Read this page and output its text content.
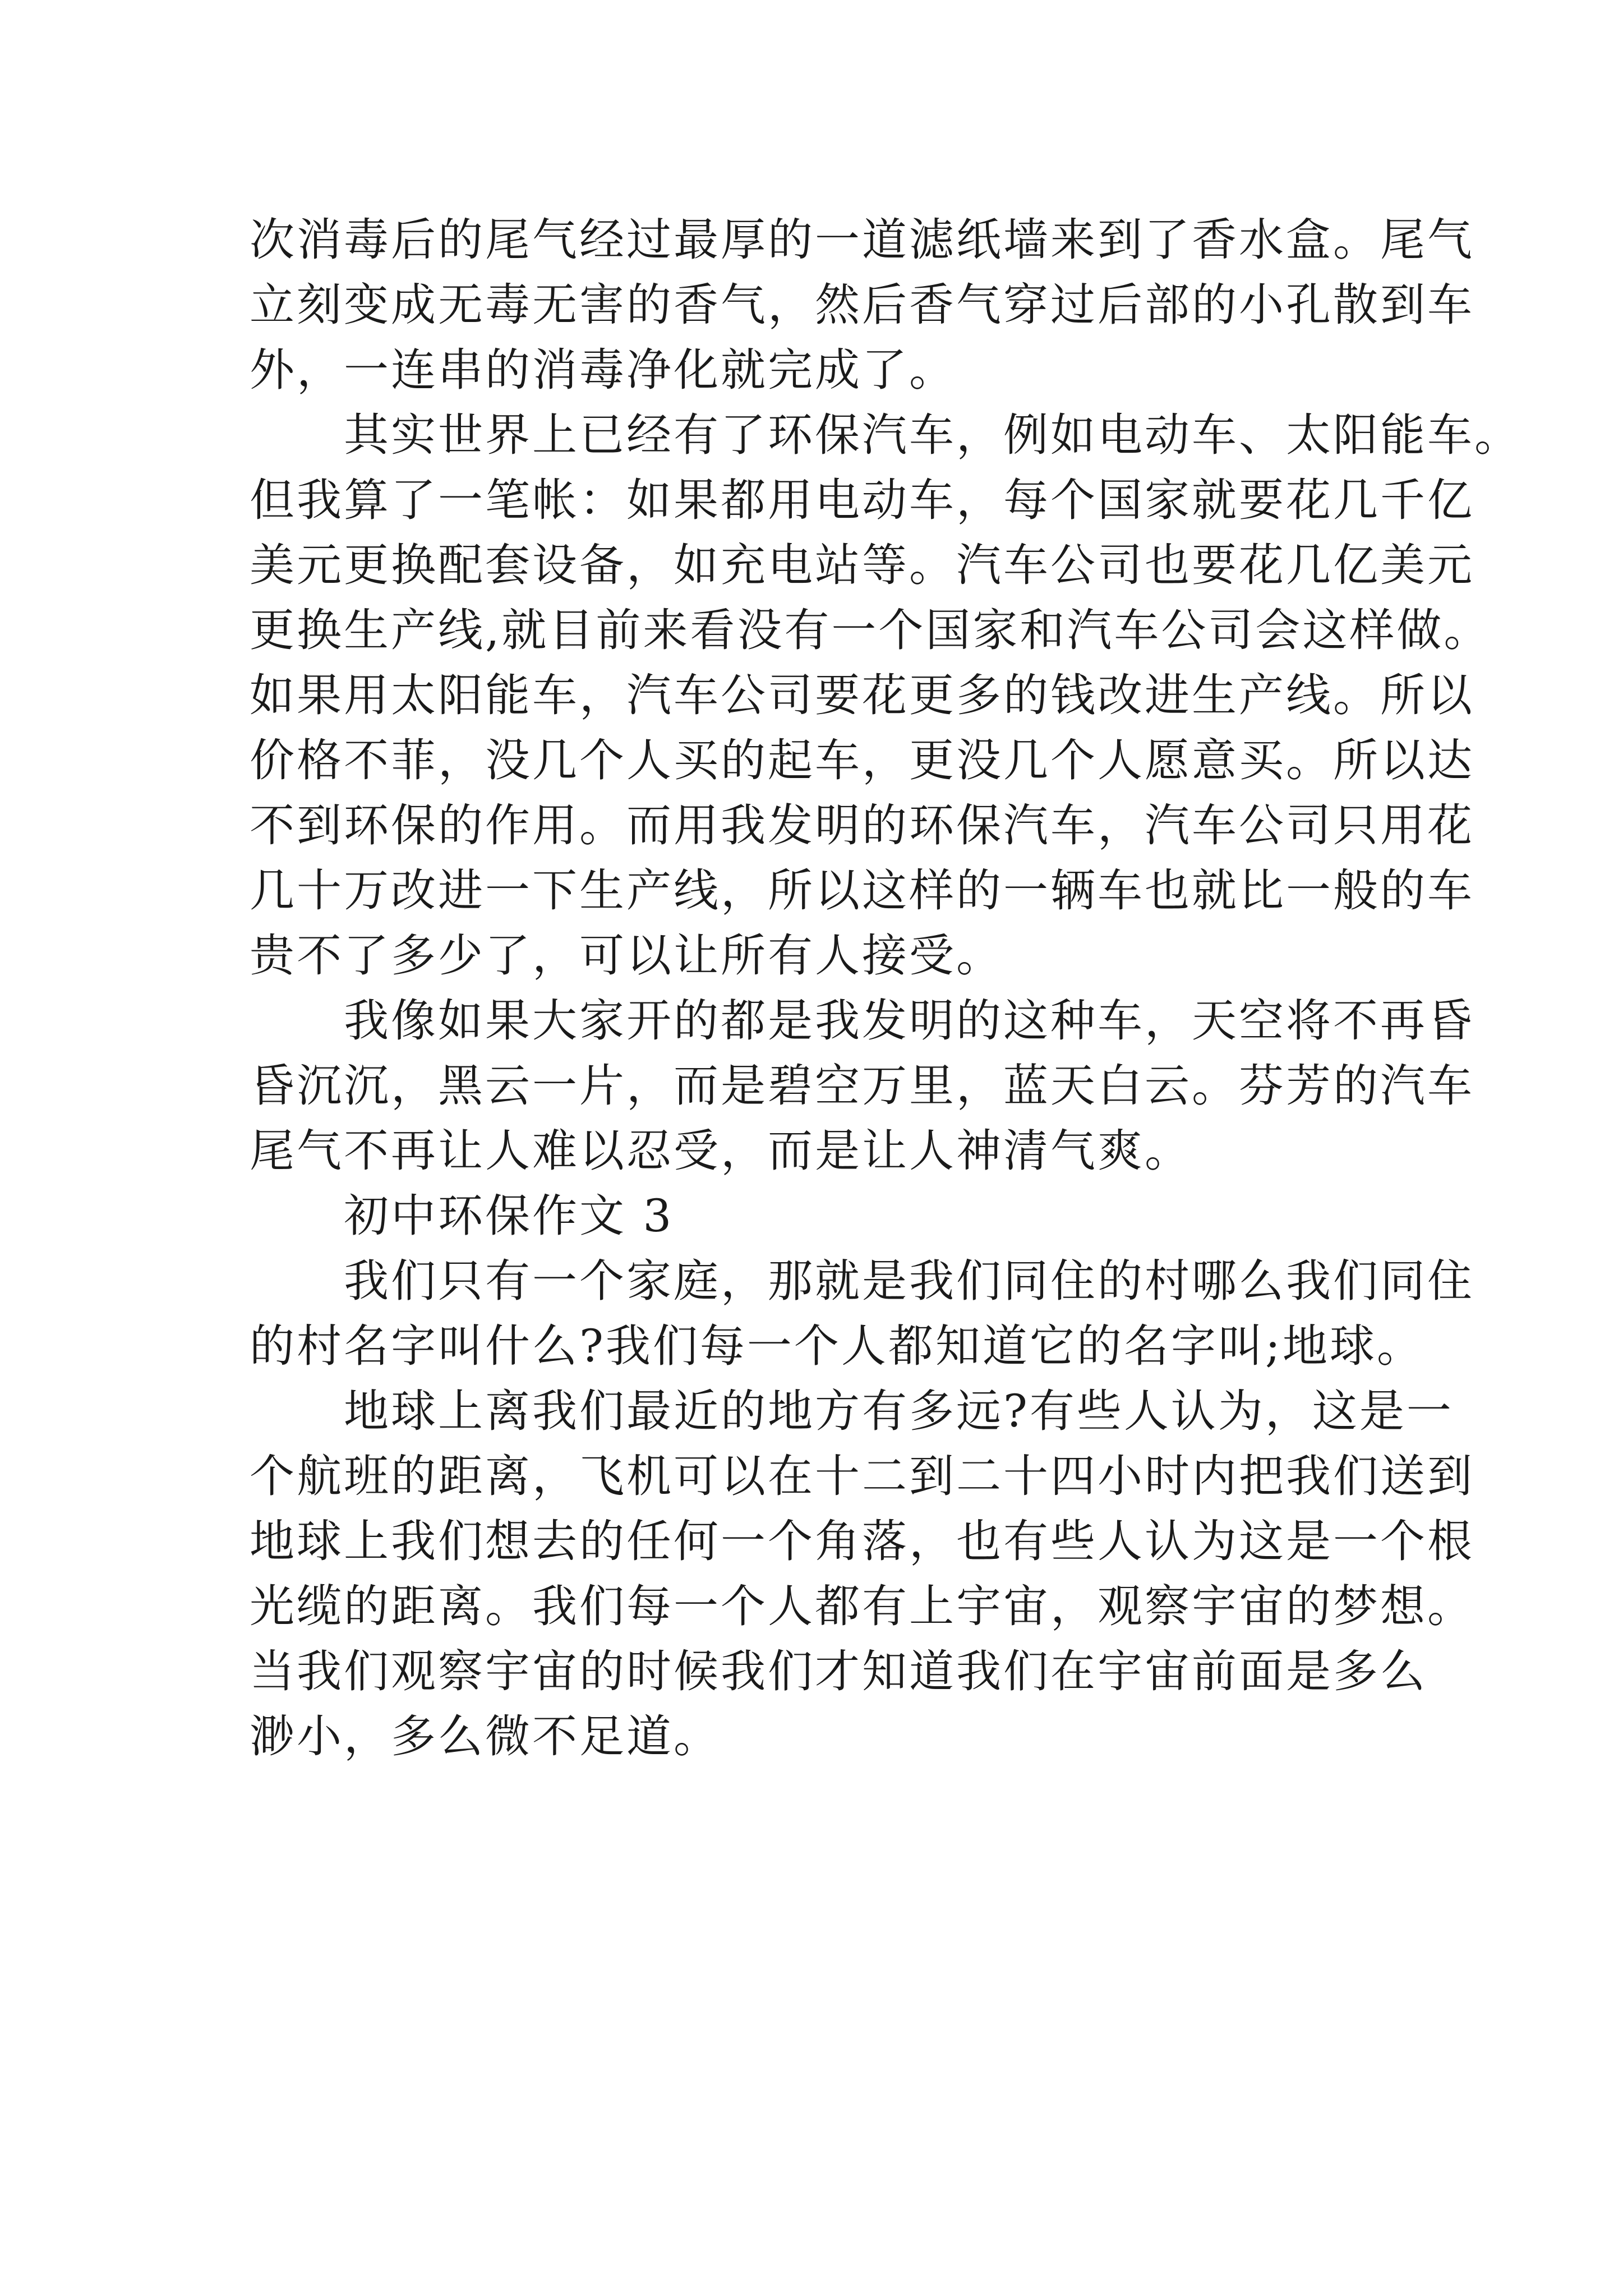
次消毒后的尾气经过最厚的一道滤纸墙来到了香水盒。尾气
立刻变成无毒无害的香气，然后香气穿过后部的小孔散到车
外，一连串的消毒净化就完成了。
　　其实世界上已经有了环保汽车，例如电动车、太阳能车。
但我算了一笔帐：如果都用电动车，每个国家就要花几千亿
美元更换配套设备，如充电站等。汽车公司也要花几亿美元
更换生产线,就目前来看没有一个国家和汽车公司会这样做。
如果用太阳能车，汽车公司要花更多的钱改进生产线。所以
价格不菲，没几个人买的起车，更没几个人愿意买。所以达
不到环保的作用。而用我发明的环保汽车，汽车公司只用花
几十万改进一下生产线，所以这样的一辆车也就比一般的车
贵不了多少了，可以让所有人接受。
　　我像如果大家开的都是我发明的这种车，天空将不再昏
昏沉沉，黑云一片，而是碧空万里，蓝天白云。芬芳的汽车
尾气不再让人难以忍受，而是让人神清气爽。
　　初中环保作文 3
　　我们只有一个家庭，那就是我们同住的村哪么我们同住
的村名字叫什么?我们每一个人都知道它的名字叫;地球。
　　地球上离我们最近的地方有多远?有些人认为，这是一
个航班的距离，飞机可以在十二到二十四小时内把我们送到
地球上我们想去的任何一个角落，也有些人认为这是一个根
光缆的距离。我们每一个人都有上宇宙，观察宇宙的梦想。
当我们观察宇宙的时候我们才知道我们在宇宙前面是多么
渺小，多么微不足道。
